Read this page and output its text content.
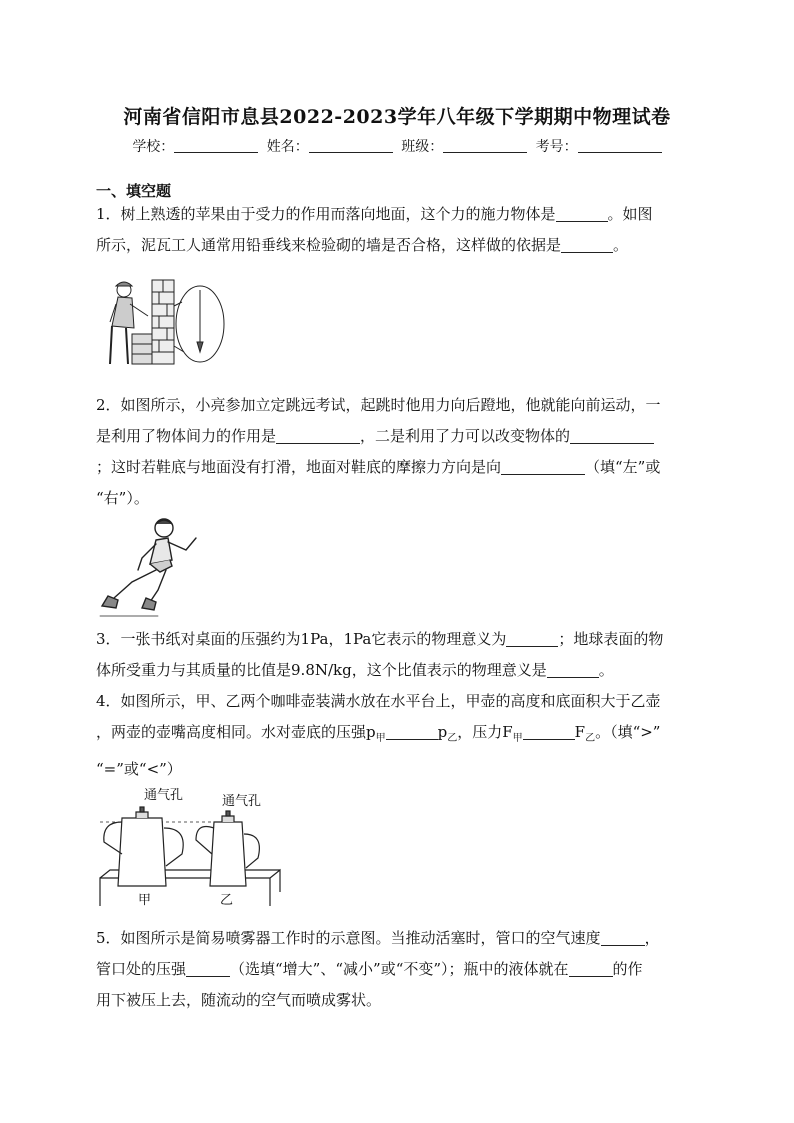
河南省信阳市息县2022-2023学年八年级下学期期中物理试卷
学校：	姓名：	班级：	考号：
一、填空题
1．树上熟透的苹果由于受力的作用而落向地面，这个力的施力物体是	。如图
所示，泥瓦工人通常用铅垂线来检验砌的墙是否合格，这样做的依据是	。
2．如图所示，小亮参加立定跳远考试，起跳时他用力向后蹬地，他就能向前运动，一
是利用了物体间力的作用是	，二是利用了力可以改变物体的
；这时若鞋底与地面没有打滑，地面对鞋底的摩擦力方向是向	（填“左”或
“右”）。
3．一张书纸对桌面的压强约为1Pa，1Pa它表示的物理意义为	；地球表面的物
体所受重力与其质量的比值是9.8N/kg，这个比值表示的物理意义是	。
4．如图所示，甲、乙两个咖啡壶装满水放在水平台上，甲壶的高度和底面积大于乙壶
，两壶的壶嘴高度相同。水对壶底的压强$p_甲$	$p_乙$，压力$F_甲$	$F_乙$。（填“>”
“=”或“<”）
通气孔	通气孔
甲	乙
5．如图所示是简易喷雾器工作时的示意图。当推动活塞时，管口的空气速度	，
管口处的压强	（选填“增大”、“减小”或“不变”）；瓶中的液体就在	的作
用下被压上去，随流动的空气而喷成雾状。
